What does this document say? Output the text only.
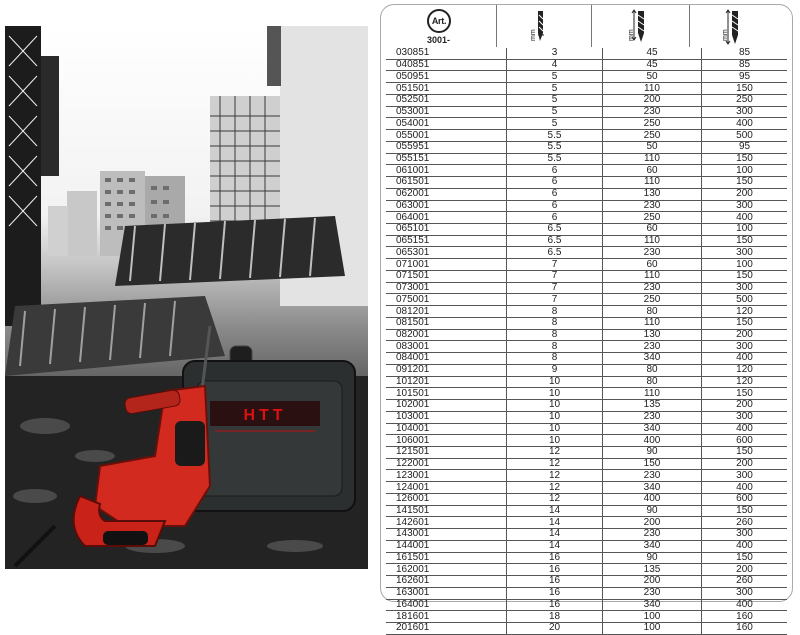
HTT
Art.
3001-	mm	mm	mm
030851	3	45	85
040851	4	45	85
050951	5	50	95
051501	5	110	150
052501	5	200	250
053001	5	230	300
054001	5	250	400
055001	5.5	250	500
055951	5.5	50	95
055151	5.5	110	150
061001	6	60	100
061501	6	110	150
062001	6	130	200
063001	6	230	300
064001	6	250	400
065101	6.5	60	100
065151	6.5	110	150
065301	6.5	230	300
071001	7	60	100
071501	7	110	150
073001	7	230	300
075001	7	250	500
081201	8	80	120
081501	8	110	150
082001	8	130	200
083001	8	230	300
084001	8	340	400
091201	9	80	120
101201	10	80	120
101501	10	110	150
102001	10	135	200
103001	10	230	300
104001	10	340	400
106001	10	400	600
121501	12	90	150
122001	12	150	200
123001	12	230	300
124001	12	340	400
126001	12	400	600
141501	14	90	150
142601	14	200	260
143001	14	230	300
144001	14	340	400
161501	16	90	150
162001	16	135	200
162601	16	200	260
163001	16	230	300
164001	16	340	400
181601	18	100	160
201601	20	100	160
